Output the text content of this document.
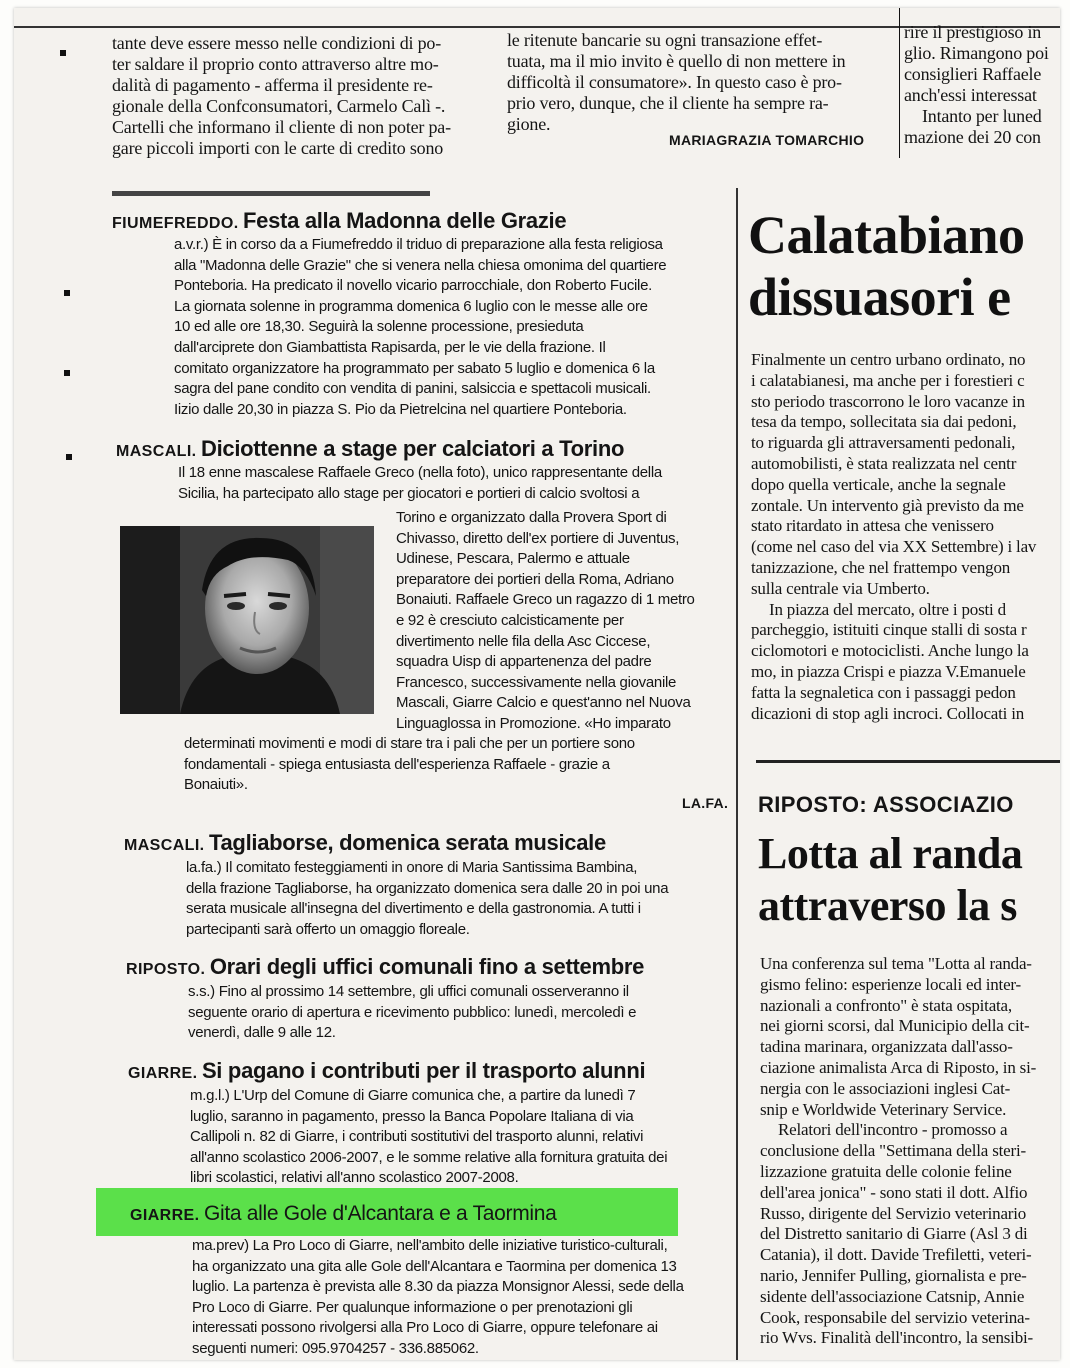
tante deve essere messo nelle condizioni di po-
ter saldare il proprio conto attraverso altre mo-
dalità di pagamento - afferma il presidente re-
gionale della Confconsumatori, Carmelo Calì -.
Cartelli che informano il cliente di non poter pa-
gare piccoli importi con le carte di credito sono
le ritenute bancarie su ogni transazione effet-
tuata, ma il mio invito è quello di non mettere in
difficoltà il consumatore». In questo caso è pro-
prio vero, dunque, che il cliente ha sempre ra-
gione.
MARIAGRAZIA TOMARCHIO
rire il prestigioso in
glio. Rimangono poi
consiglieri Raffaele
anch'essi interessat
Intanto per luned
mazione dei 20 con
FIUMEFREDDO. Festa alla Madonna delle Grazie
a.v.r.) È in corso da a Fiumefreddo il triduo di preparazione alla festa religiosa
alla "Madonna delle Grazie" che si venera nella chiesa omonima del quartiere
Ponteboria. Ha predicato il novello vicario parrocchiale, don Roberto Fucile.
La giornata solenne in programma domenica 6 luglio con le messe alle ore
10 ed alle ore 18,30. Seguirà la solenne processione, presieduta
dall'arciprete don Giambattista Rapisarda, per le vie della frazione. Il
comitato organizzatore ha programmato per sabato 5 luglio e domenica 6 la
sagra del pane condito con vendita di panini, salsiccia e spettacoli musicali.
Iizio dalle 20,30 in piazza S. Pio da Pietrelcina nel quartiere Ponteboria.
MASCALI. Diciottenne a stage per calciatori a Torino
Il 18 enne mascalese Raffaele Greco (nella foto), unico rappresentante della
Sicilia, ha partecipato allo stage per giocatori e portieri di calcio svoltosi a
Torino e organizzato dalla Provera Sport di
Chivasso, diretto dell'ex portiere di Juventus,
Udinese, Pescara, Palermo e attuale
preparatore dei portieri della Roma, Adriano
Bonaiuti. Raffaele Greco un ragazzo di 1 metro
e 92 è cresciuto calcisticamente per
divertimento nelle fila della Asc Ciccese,
squadra Uisp di appartenenza del padre
Francesco, successivamente nella giovanile
Mascali, Giarre Calcio e quest'anno nel Nuova
Linguaglossa in Promozione. «Ho imparato
determinati movimenti e modi di stare tra i pali che per un portiere sono
fondamentali - spiega entusiasta dell'esperienza Raffaele - grazie a
Bonaiuti».
LA.FA.
MASCALI. Tagliaborse, domenica serata musicale
la.fa.) Il comitato festeggiamenti in onore di Maria Santissima Bambina,
della frazione Tagliaborse, ha organizzato domenica sera dalle 20 in poi una
serata musicale all'insegna del divertimento e della gastronomia. A tutti i
partecipanti sarà offerto un omaggio floreale.
RIPOSTO. Orari degli uffici comunali fino a settembre
s.s.) Fino al prossimo 14 settembre, gli uffici comunali osserveranno il
seguente orario di apertura e ricevimento pubblico: lunedì, mercoledì e
venerdì, dalle 9 alle 12.
GIARRE. Si pagano i contributi per il trasporto alunni
m.g.l.) L'Urp del Comune di Giarre comunica che, a partire da lunedì 7
luglio, saranno in pagamento, presso la Banca Popolare Italiana di via
Callipoli n. 82 di Giarre, i contributi sostitutivi del trasporto alunni, relativi
all'anno scolastico 2006-2007, e le somme relative alla fornitura gratuita dei
libri scolastici, relativi all'anno scolastico 2007-2008.
GIARRE. Gita alle Gole d'Alcantara e a Taormina
ma.prev) La Pro Loco di Giarre, nell'ambito delle iniziative turistico-culturali,
ha organizzato una gita alle Gole dell'Alcantara e Taormina per domenica 13
luglio. La partenza è prevista alle 8.30 da piazza Monsignor Alessi, sede della
Pro Loco di Giarre. Per qualunque informazione o per prenotazioni gli
interessati possono rivolgersi alla Pro Loco di Giarre, oppure telefonare ai
seguenti numeri: 095.9704257 - 336.885062.
Calatabiano
dissuasori e
Finalmente un centro urbano ordinato, no
i calatabianesi, ma anche per i forestieri c
sto periodo trascorrono le loro vacanze in
tesa da tempo, sollecitata sia dai pedoni,
to riguarda gli attraversamenti pedonali,
automobilisti, è stata realizzata nel centr
dopo quella verticale, anche la segnale
zontale. Un intervento già previsto da me
stato ritardato in attesa che venissero
(come nel caso del via XX Settembre) i lav
tanizzazione, che nel frattempo vengon
sulla centrale via Umberto.
In piazza del mercato, oltre i posti d
parcheggio, istituiti cinque stalli di sosta r
ciclomotori e motociclisti. Anche lungo la
mo, in piazza Crispi e piazza V.Emanuele
fatta la segnaletica con i passaggi pedon
dicazioni di stop agli incroci. Collocati in
RIPOSTO: ASSOCIAZIO
Lotta al randa
attraverso la s
Una conferenza sul tema "Lotta al randa-
gismo felino: esperienze locali ed inter-
nazionali a confronto" è stata ospitata,
nei giorni scorsi, dal Municipio della cit-
tadina marinara, organizzata dall'asso-
ciazione animalista Arca di Riposto, in si-
nergia con le associazioni inglesi Cat-
snip e Worldwide Veterinary Service.
Relatori dell'incontro - promosso a
conclusione della "Settimana della steri-
lizzazione gratuita delle colonie feline
dell'area jonica" - sono stati il dott. Alfio
Russo, dirigente del Servizio veterinario
del Distretto sanitario di Giarre (Asl 3 di
Catania), il dott. Davide Trefiletti, veteri-
nario, Jennifer Pulling, giornalista e pre-
sidente dell'associazione Catsnip, Annie
Cook, responsabile del servizio veterina-
rio Wvs. Finalità dell'incontro, la sensibi-
